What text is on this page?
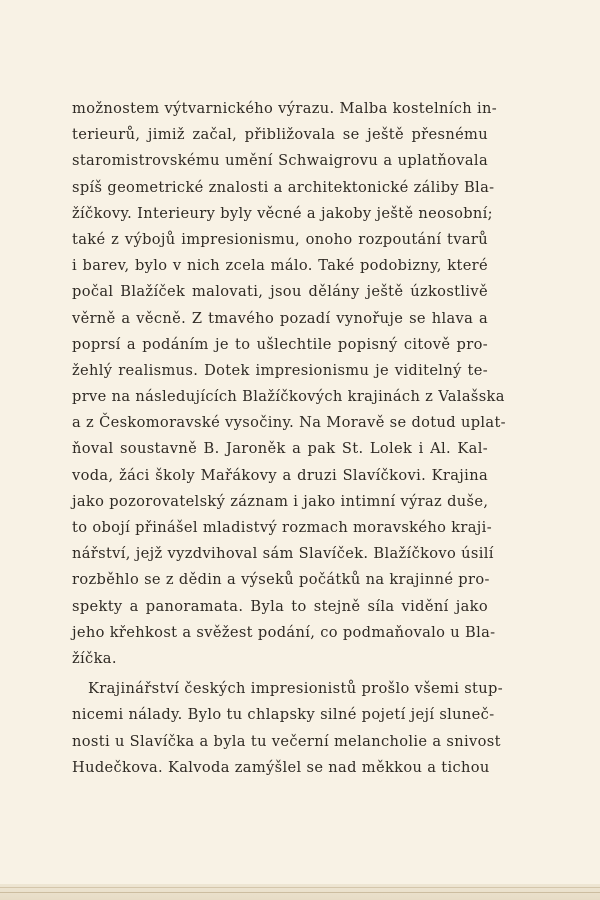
možnostem výtvarnického výrazu. Malba kostelních in-
terieurů, jimiž začal, přibližovala se ještě přesnému
staromistrovskému umění Schwaigrovu a uplatňovala
spíš geometrické znalosti a architektonické záliby Bla-
žíčkovy. Interieury byly věcné a jakoby ještě neosobní;
také z výbojů impresionismu, onoho rozpoutání tvarů
i barev, bylo v nich zcela málo. Také podobizny, které
počal Blažíček malovati, jsou dělány ještě úzkostlivě
věrně a věcně. Z tmavého pozadí vynořuje se hlava a
poprsí a podáním je to ušlechtile popisný citově pro-
žehlý realismus. Dotek impresionismu je viditelný te-
prve na následujících Blažíčkových krajinách z Valašska
a z Českomoravské vysočiny. Na Moravě se dotud uplat-
ňoval soustavně B. Jaroněk a pak St. Lolek i Al. Kal-
voda, žáci školy Mařákovy a druzi Slavíčkovi. Krajina
jako pozorovatelský záznam i jako intimní výraz duše,
to obojí přinášel mladistvý rozmach moravského kraji-
nářství, jejž vyzdvihoval sám Slavíček. Blažíčkovo úsilí
rozběhlo se z dědin a výseků počátků na krajinné pro-
spekty a panoramata. Byla to stejně síla vidění jako
jeho křehkost a svěžest podání, co podmaňovalo u Bla-
žíčka.
Krajinářství českých impresionistů prošlo všemi stup-
nicemi nálady. Bylo tu chlapsky silné pojetí její sluneč-
nosti u Slavíčka a byla tu večerní melancholie a snivost
Hudečkova. Kalvoda zamýšlel se nad měkkou a tichou
